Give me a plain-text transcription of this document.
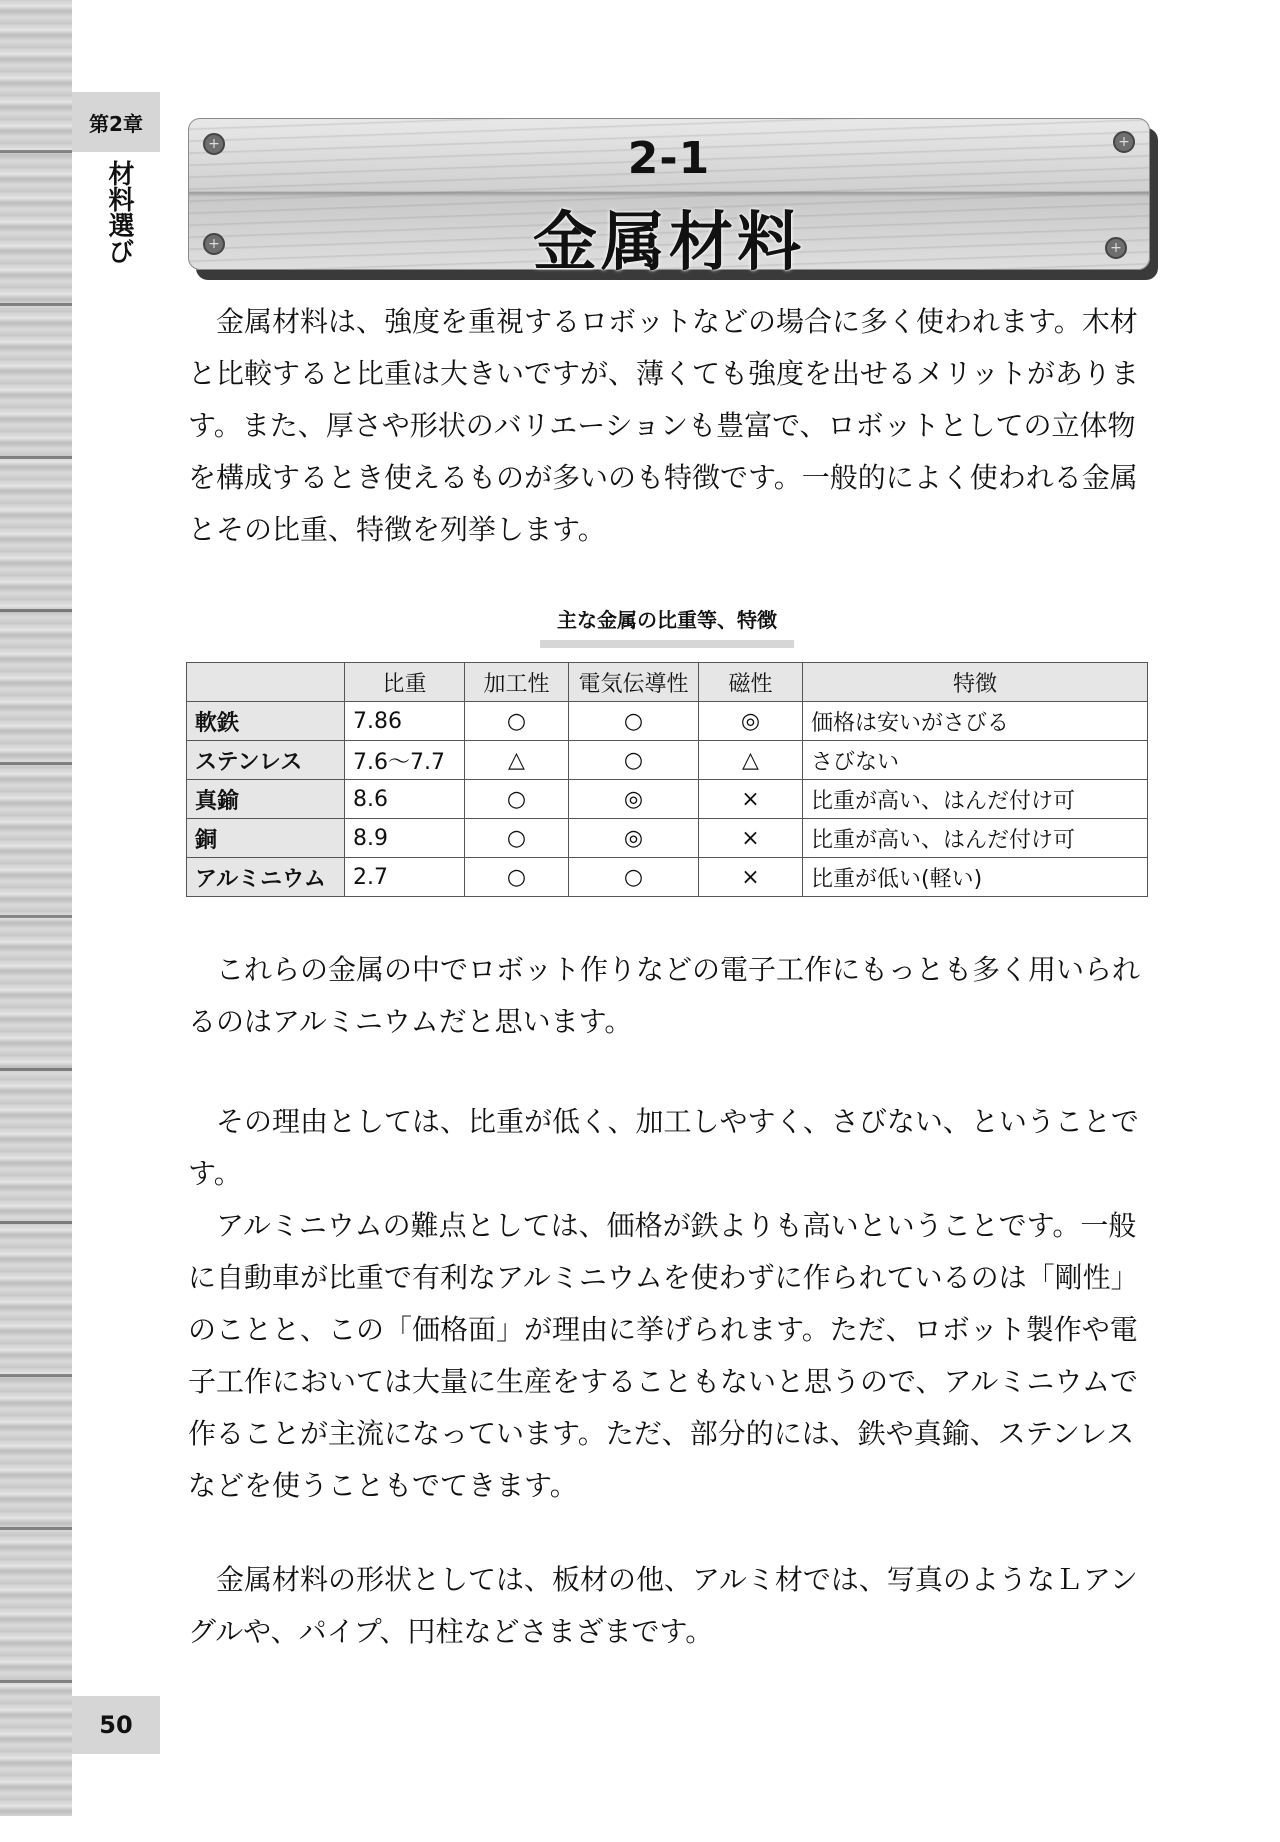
第2章
材料選び
50
+	+
+	+
2-1
金属材料

　金属材料は、強度を重視するロボットなどの場合に多く使われます。木材と比較すると比重は大きいですが、薄くても強度を出せるメリットがあります。また、厚さや形状のバリエーションも豊富で、ロボットとしての立体物を構成するとき使えるものが多いのも特徴です。一般的によく使われる金属とその比重、特徴を列挙します。

主な金属の比重等、特徴
	比重	加工性	電気伝導性	磁性	特徴
軟鉄	7.86	○	○	◎	価格は安いがさびる
ステンレス	7.6〜7.7	△	○	△	さびない
真鍮	8.6	○	◎	×	比重が高い、はんだ付け可
銅	8.9	○	◎	×	比重が高い、はんだ付け可
アルミニウム	2.7	○	○	×	比重が低い(軽い)

　これらの金属の中でロボット作りなどの電子工作にもっとも多く用いられるのはアルミニウムだと思います。

　その理由としては、比重が低く、加工しやすく、さびない、ということです。

　アルミニウムの難点としては、価格が鉄よりも高いということです。一般に自動車が比重で有利なアルミニウムを使わずに作られているのは「剛性」のことと、この「価格面」が理由に挙げられます。ただ、ロボット製作や電子工作においては大量に生産をすることもないと思うので、アルミニウムで作ることが主流になっています。ただ、部分的には、鉄や真鍮、ステンレスなどを使うこともでてきます。

　金属材料の形状としては、板材の他、アルミ材では、写真のようなＬアングルや、パイプ、円柱などさまざまです。
